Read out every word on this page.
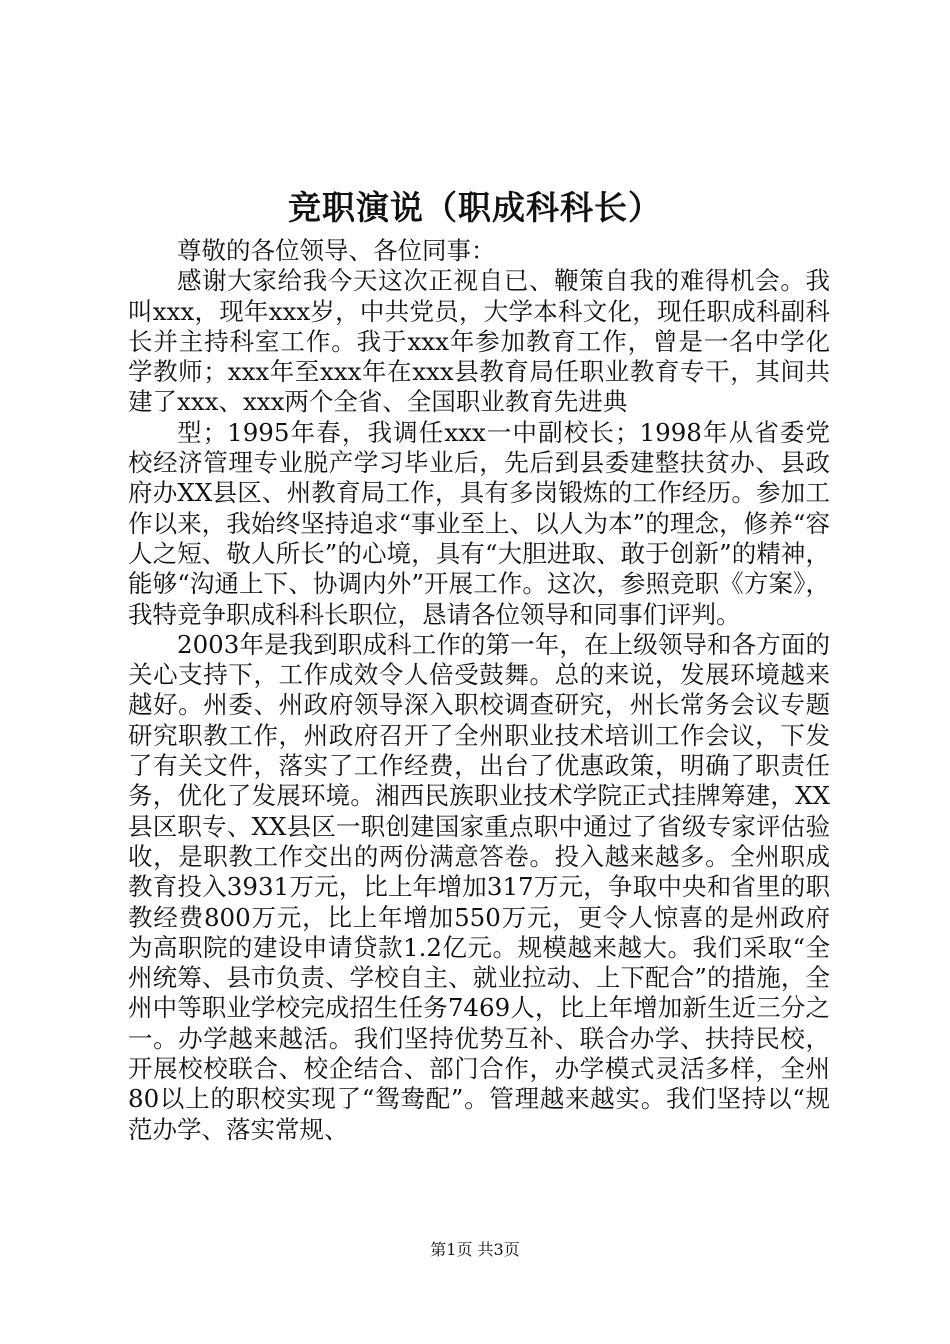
竞职演说（职成科科长）

尊敬的各位领导、各位同事：

感谢大家给我今天这次正视自已、鞭策自我的难得机会。我叫xxx，现年xxx岁，中共党员，大学本科文化，现任职成科副科长并主持科室工作。我于xxx年参加教育工作，曾是一名中学化学教师；xxx年至xxx年在xxx县教育局任职业教育专干，其间共建了xxx、xxx两个全省、全国职业教育先进典

型；1995年春，我调任xxx一中副校长；1998年从省委党校经济管理专业脱产学习毕业后，先后到县委建整扶贫办、县政府办XX县区、州教育局工作，具有多岗锻炼的工作经历。参加工作以来，我始终坚持追求“事业至上、以人为本”的理念，修养“容人之短、敬人所长”的心境，具有“大胆进取、敢于创新”的精神，能够“沟通上下、协调内外”开展工作。这次，参照竞职《方案》，我特竞争职成科科长职位，恳请各位领导和同事们评判。

2003年是我到职成科工作的第一年，在上级领导和各方面的关心支持下，工作成效令人倍受鼓舞。总的来说，发展环境越来越好。州委、州政府领导深入职校调查研究，州长常务会议专题研究职教工作，州政府召开了全州职业技术培训工作会议，下发了有关文件，落实了工作经费，出台了优惠政策，明确了职责任务，优化了发展环境。湘西民族职业技术学院正式挂牌筹建，XX县区职专、XX县区一职创建国家重点职中通过了省级专家评估验收，是职教工作交出的两份满意答卷。投入越来越多。全州职成教育投入3931万元，比上年增加317万元，争取中央和省里的职教经费800万元，比上年增加550万元，更令人惊喜的是州政府为高职院的建设申请贷款1.2亿元。规模越来越大。我们采取“全州统筹、县市负责、学校自主、就业拉动、上下配合”的措施，全州中等职业学校完成招生任务7469人，比上年增加新生近三分之一。办学越来越活。我们坚持优势互补、联合办学、扶持民校，开展校校联合、校企结合、部门合作，办学模式灵活多样，全州80以上的职校实现了“鸳鸯配”。管理越来越实。我们坚持以“规范办学、落实常规、

第1页 共3页
